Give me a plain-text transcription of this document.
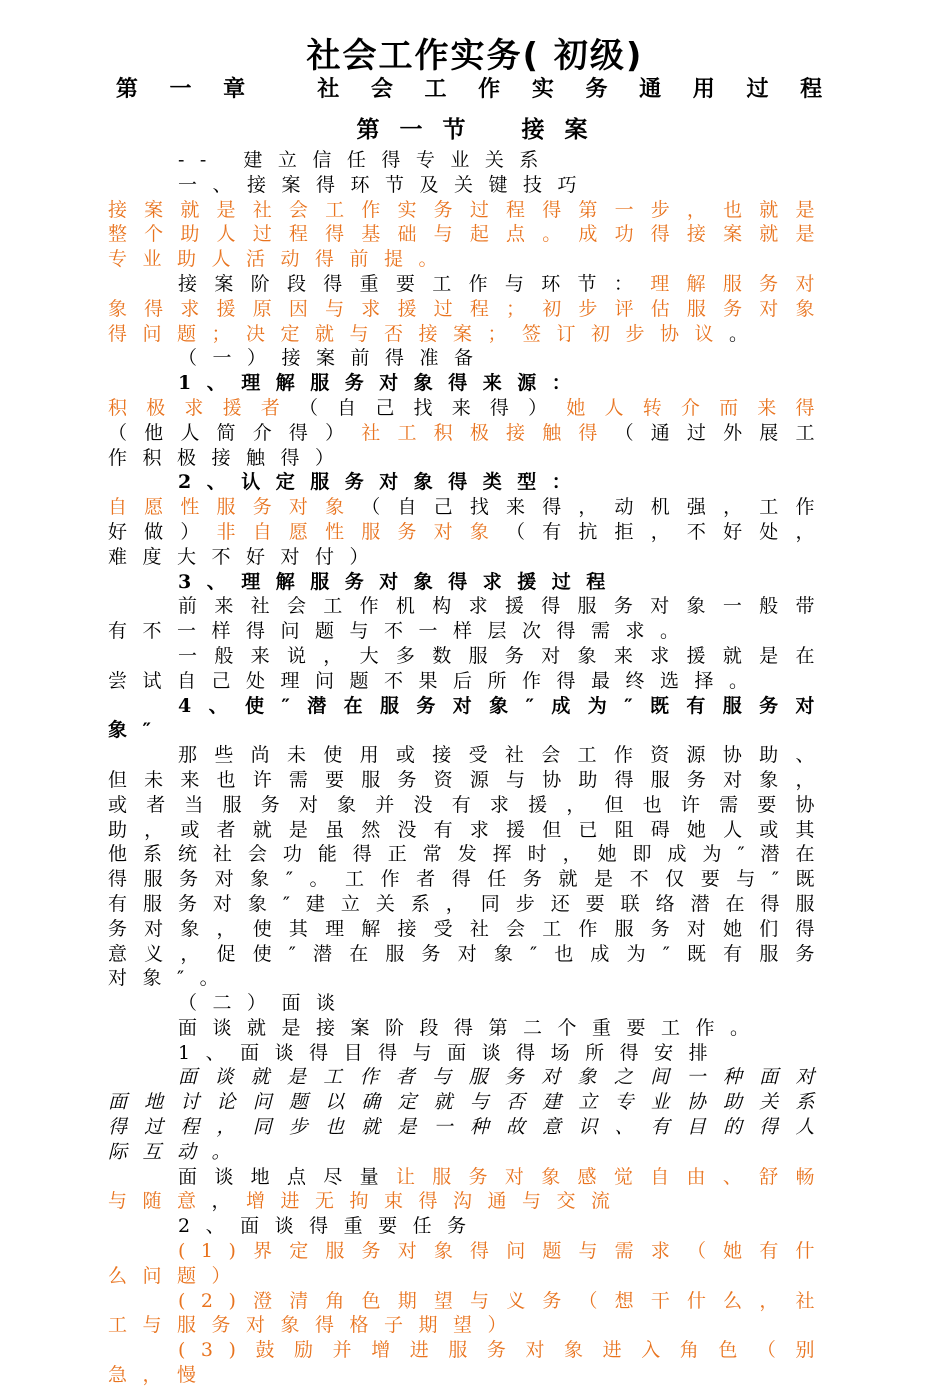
社会工作实务( 初级)
第 一 章	社 会 工 作 实 务 通 用 过 程
第 一 节 接 案

-- 建立信任得专业关系

一、接案得环节及关键技巧

接案就是社会工作实务过程得第一步，也就是整个助人过程得基础与起点。成功得接案就是专业助人活动得前提。

接案阶段得重要工作与环节：理解服务对象得求援原因与求援过程；初步评估服务对象得问题；决定就与否接案；签订初步协议。

（一）接案前得准备

1、理解服务对象得来源：

积极求援者（自己找来得）她人转介而来得（他人简介得）社工积极接触得（通过外展工作积极接触得）

2、认定服务对象得类型：

自愿性服务对象（自己找来得，动机强，工作好做）非自愿性服务对象（有抗拒，不好处，难度大不好对付）

3、理解服务对象得求援过程

前来社会工作机构求援得服务对象一般带有不一样得问题与不一样层次得需求。

一般来说，大多数服务对象来求援就是在尝试自己处理问题不果后所作得最终选择。

4、使″潜在服务对象″成为″既有服务对象″

那些尚未使用或接受社会工作资源协助、但未来也许需要服务资源与协助得服务对象，或者当服务对象并没有求援，但也许需要协助，或者就是虽然没有求援但已阻碍她人或其他系统社会功能得正常发挥时，她即成为″潜在得服务对象″。工作者得任务就是不仅要与″既有服务对象″建立关系，同步还要联络潜在得服务对象，使其理解接受社会工作服务对她们得意义，促使″潜在服务对象″也成为″既有服务对象″。

（二）面谈

面谈就是接案阶段得第二个重要工作。

1、面谈得目得与面谈得场所得安排

面谈就是工作者与服务对象之间一种面对面地讨论问题以确定就与否建立专业协助关系得过程，同步也就是一种故意识、有目的得人际互动。

面谈地点尽量让服务对象感觉自由、舒畅与随意，增进无拘束得沟通与交流

2、面谈得重要任务

(1)界定服务对象得问题与需求（她有什么问题）

(2)澄清角色期望与义务（想干什么，社工与服务对象得格子期望）

(3)鼓励并增进服务对象进入角色（别急，慢
